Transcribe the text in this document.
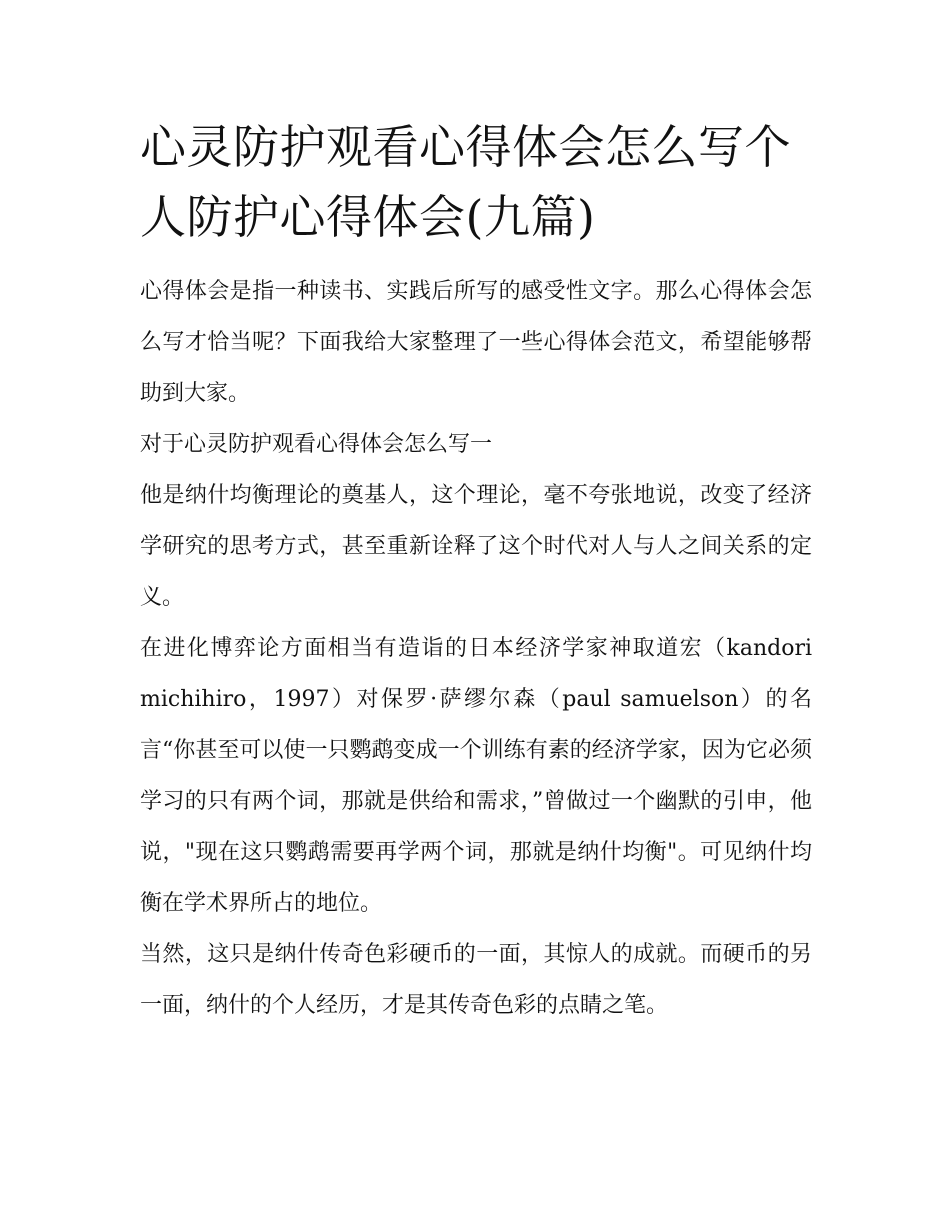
心灵防护观看心得体会怎么写个人防护心得体会(九篇)

心得体会是指一种读书、实践后所写的感受性文字。那么心得体会怎么写才恰当呢？下面我给大家整理了一些心得体会范文，希望能够帮助到大家。

对于心灵防护观看心得体会怎么写一

他是纳什均衡理论的奠基人，这个理论，毫不夸张地说，改变了经济学研究的思考方式，甚至重新诠释了这个时代对人与人之间关系的定义。

在进化博弈论方面相当有造诣的日本经济学家神取道宏（kandori michihiro，1997）对保罗·萨缪尔森（paul samuelson）的名言“你甚至可以使一只鹦鹉变成一个训练有素的经济学家，因为它必须学习的只有两个词，那就是供给和需求，”曾做过一个幽默的引申，他说，"现在这只鹦鹉需要再学两个词，那就是纳什均衡"。可见纳什均衡在学术界所占的地位。

当然，这只是纳什传奇色彩硬币的一面，其惊人的成就。而硬币的另一面，纳什的个人经历，才是其传奇色彩的点睛之笔。
